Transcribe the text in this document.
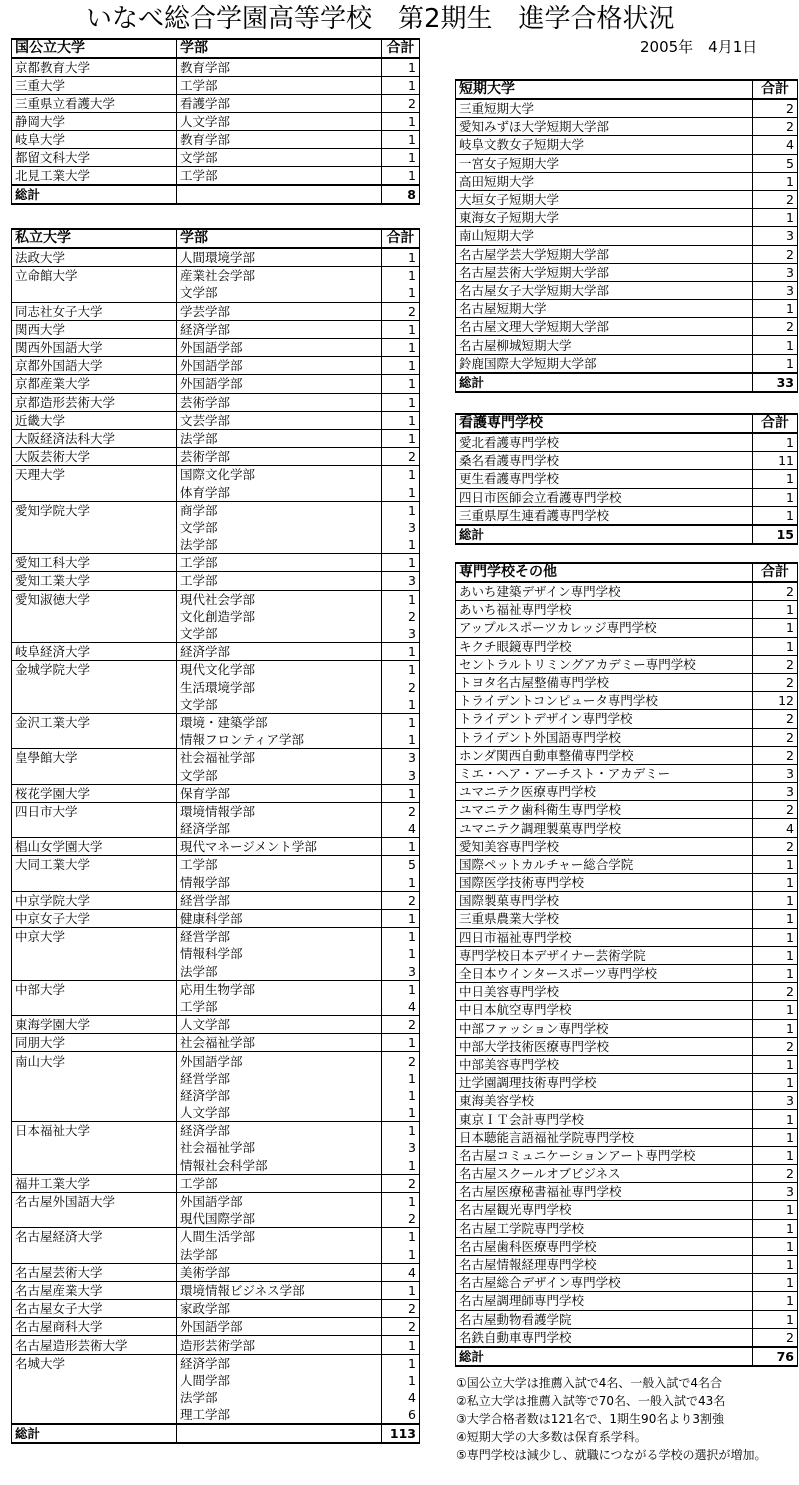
いなべ総合学園高等学校　第2期生　進学合格状況
2005年　4月1日
国公立大学	学部	合計
京都教育大学	教育学部	1
三重大学	工学部	1
三重県立看護大学	看護学部	2
静岡大学	人文学部	1
岐阜大学	教育学部	1
都留文科大学	文学部	1
北見工業大学	工学部	1
総計		8
私立大学	学部	合計
法政大学	人間環境学部	1
立命館大学	産業社会学部	1
	文学部	1
同志社女子大学	学芸学部	2
関西大学	経済学部	1
関西外国語大学	外国語学部	1
京都外国語大学	外国語学部	1
京都産業大学	外国語学部	1
京都造形芸術大学	芸術学部	1
近畿大学	文芸学部	1
大阪経済法科大学	法学部	1
大阪芸術大学	芸術学部	2
天理大学	国際文化学部	1
	体育学部	1
愛知学院大学	商学部	1
	文学部	3
	法学部	1
愛知工科大学	工学部	1
愛知工業大学	工学部	3
愛知淑徳大学	現代社会学部	1
	文化創造学部	2
	文学部	3
岐阜経済大学	経済学部	1
金城学院大学	現代文化学部	1
	生活環境学部	2
	文学部	1
金沢工業大学	環境・建築学部	1
	情報フロンティア学部	1
皇學館大学	社会福祉学部	3
	文学部	3
桜花学園大学	保育学部	1
四日市大学	環境情報学部	2
	経済学部	4
椙山女学園大学	現代マネージメント学部	1
大同工業大学	工学部	5
	情報学部	1
中京学院大学	経営学部	2
中京女子大学	健康科学部	1
中京大学	経営学部	1
	情報科学部	1
	法学部	3
中部大学	応用生物学部	1
	工学部	4
東海学園大学	人文学部	2
同朋大学	社会福祉学部	1
南山大学	外国語学部	2
	経営学部	1
	経済学部	1
	人文学部	1
日本福祉大学	経済学部	1
	社会福祉学部	3
	情報社会科学部	1
福井工業大学	工学部	2
名古屋外国語大学	外国語学部	1
	現代国際学部	2
名古屋経済大学	人間生活学部	1
	法学部	1
名古屋芸術大学	美術学部	4
名古屋産業大学	環境情報ビジネス学部	1
名古屋女子大学	家政学部	2
名古屋商科大学	外国語学部	2
名古屋造形芸術大学	造形芸術学部	1
名城大学	経済学部	1
	人間学部	1
	法学部	4
	理工学部	6
総計		113
短期大学	合計
三重短期大学	2
愛知みずほ大学短期大学部	2
岐阜文教女子短期大学	4
一宮女子短期大学	5
高田短期大学	1
大垣女子短期大学	2
東海女子短期大学	1
南山短期大学	3
名古屋学芸大学短期大学部	2
名古屋芸術大学短期大学部	3
名古屋女子大学短期大学部	3
名古屋短期大学	1
名古屋文理大学短期大学部	2
名古屋柳城短期大学	1
鈴鹿国際大学短期大学部	1
総計	33
看護専門学校	合計
愛北看護専門学校	1
桑名看護専門学校	11
更生看護専門学校	1
四日市医師会立看護専門学校	1
三重県厚生連看護専門学校	1
総計	15
専門学校その他	合計
あいち建築デザイン専門学校	2
あいち福祉専門学校	1
アップルスポーツカレッジ専門学校	1
キクチ眼鏡専門学校	1
セントラルトリミングアカデミー専門学校	2
トヨタ名古屋整備専門学校	2
トライデントコンピュータ専門学校	12
トライデントデザイン専門学校	2
トライデント外国語専門学校	2
ホンダ関西自動車整備専門学校	2
ミエ・ヘア・アーチスト・アカデミー	3
ユマニテク医療専門学校	3
ユマニテク歯科衛生専門学校	2
ユマニテク調理製菓専門学校	4
愛知美容専門学校	2
国際ペットカルチャー総合学院	1
国際医学技術専門学校	1
国際製菓専門学校	1
三重県農業大学校	1
四日市福祉専門学校	1
専門学校日本デザイナー芸術学院	1
全日本ウインタースポーツ専門学校	1
中日美容専門学校	2
中日本航空専門学校	1
中部ファッション専門学校	1
中部大学技術医療専門学校	2
中部美容専門学校	1
辻学園調理技術専門学校	1
東海美容学校	3
東京ＩＴ会計専門学校	1
日本聴能言語福祉学院専門学校	1
名古屋コミュニケーションアート専門学校	1
名古屋スクールオブビジネス	2
名古屋医療秘書福祉専門学校	3
名古屋観光専門学校	1
名古屋工学院専門学校	1
名古屋歯科医療専門学校	1
名古屋情報経理専門学校	1
名古屋総合デザイン専門学校	1
名古屋調理師専門学校	1
名古屋動物看護学院	1
名鉄自動車専門学校	2
総計	76
①国公立大学は推薦入試で4名、一般入試で4名合
②私立大学は推薦入試等で70名、一般入試で43名
③大学合格者数は121名で、1期生90名より3割強
④短期大学の大多数は保育系学科。
⑤専門学校は減少し、就職につながる学校の選択が増加。
